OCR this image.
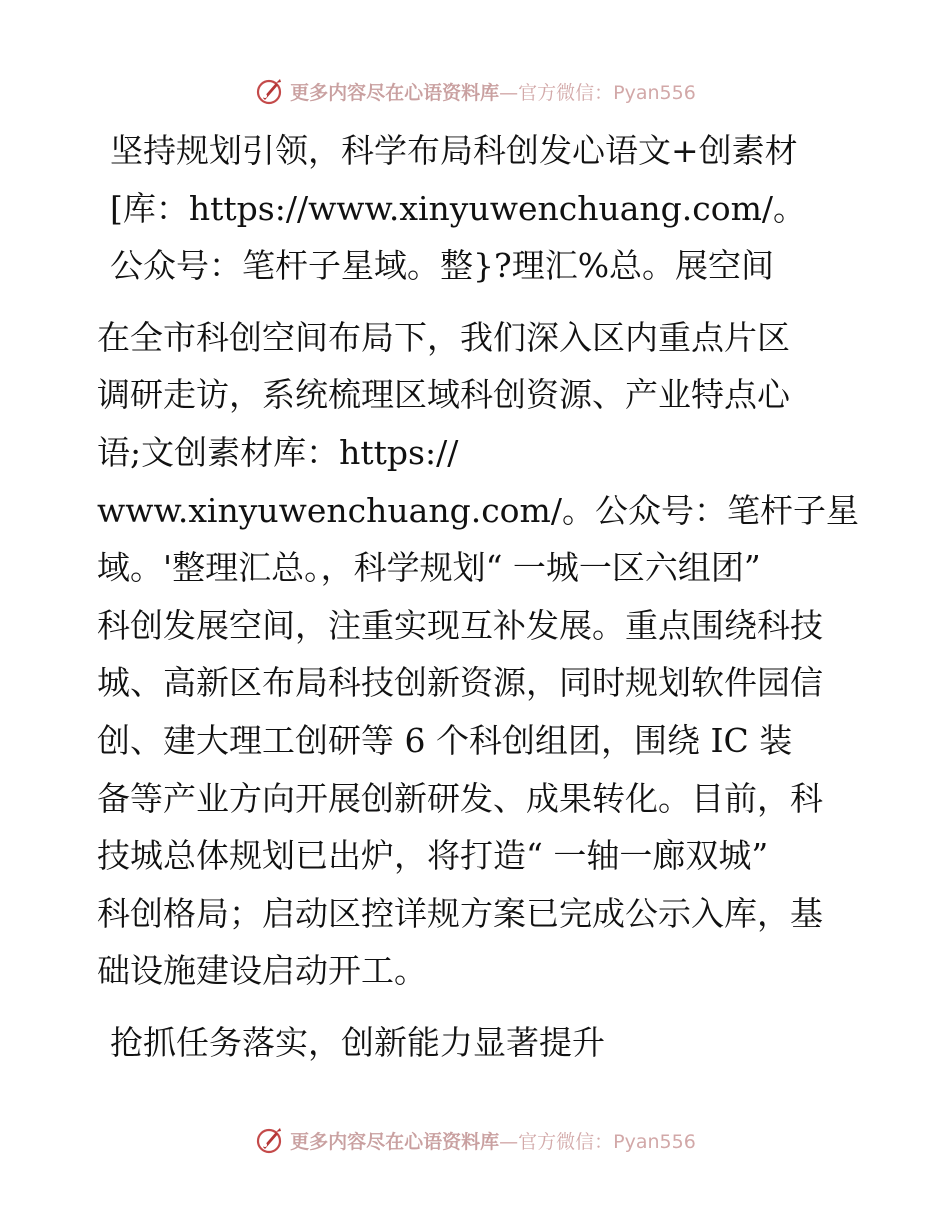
更多内容尽在心语资料库 —官方微信：Pyan556

坚持规划引领，科学布局科创发心语文+创素材[库：https://www.xinyuwenchuang.com/。公众号：笔杆子星域。整}?理汇%总。展空间

在全市科创空间布局下，我们深入区内重点片区
调研走访，系统梳理区域科创资源、产业特点心
语;文创素材库：https://
www.xinyuwenchuang.com/。公众号：笔杆子星
域。'整理汇总。，科学规划“ 一城一区六组团”
科创发展空间，注重实现互补发展。重点围绕科技
城、高新区布局科技创新资源，同时规划软件园信
创、建大理工创研等 6 个科创组团，围绕 IC 装
备等产业方向开展创新研发、成果转化。目前，科
技城总体规划已出炉，将打造“ 一轴一廊双城”
科创格局；启动区控详规方案已完成公示入库，基
础设施建设启动开工。

抢抓任务落实，创新能力显著提升

更多内容尽在心语资料库 —官方微信：Pyan556
